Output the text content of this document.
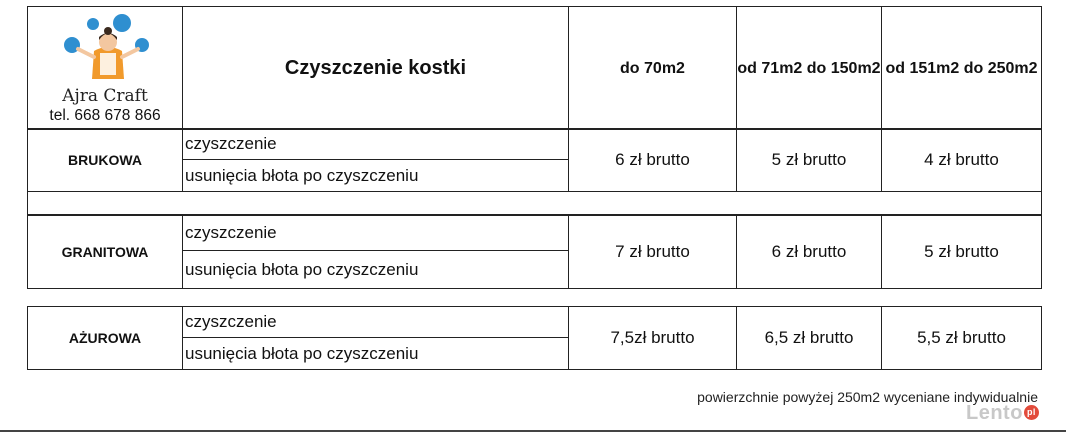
Ajra Craft
tel. 668 678 866
	Czyszczenie kostki	do 70m2	od 71m2 do 150m2	od 151m2 do 250m2
BRUKOWA	czyszczenie	6 zł brutto	5 zł brutto	4 zł brutto
usunięcia błota po czyszczeniu

GRANITOWA	czyszczenie	7 zł brutto	6 zł brutto	5 zł brutto
usunięcia błota po czyszczeniu
AŻUROWA	czyszczenie	7,5zł brutto	6,5 zł brutto	5,5 zł brutto
usunięcia błota po czyszczeniu
powierzchnie powyżej 250m2 wyceniane indywidualnie
Lento pl
